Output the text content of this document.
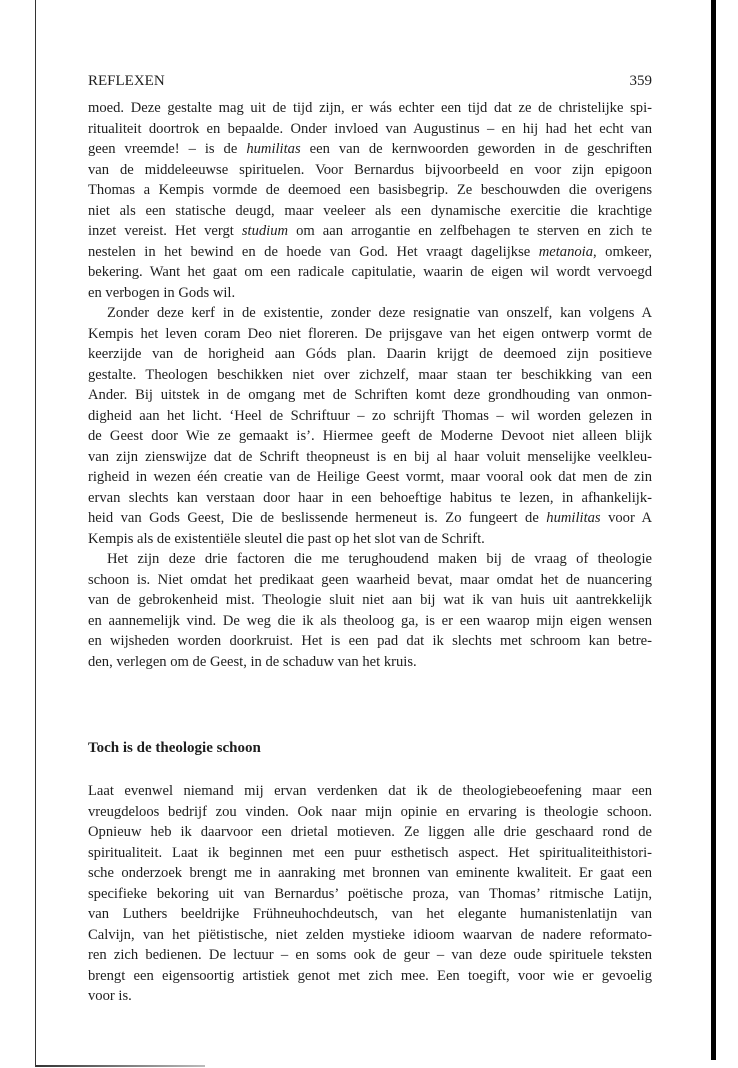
REFLEXEN	359
moed. Deze gestalte mag uit de tijd zijn, er wás echter een tijd dat ze de christelijke spi-
ritualiteit doortrok en bepaalde. Onder invloed van Augustinus – en hij had het echt van
geen vreemde! – is de humilitas een van de kernwoorden geworden in de geschriften
van de middeleeuwse spirituelen. Voor Bernardus bijvoorbeeld en voor zijn epigoon
Thomas a Kempis vormde de deemoed een basisbegrip. Ze beschouwden die overigens
niet als een statische deugd, maar veeleer als een dynamische exercitie die krachtige
inzet vereist. Het vergt studium om aan arrogantie en zelfbehagen te sterven en zich te
nestelen in het bewind en de hoede van God. Het vraagt dagelijkse metanoia, omkeer,
bekering. Want het gaat om een radicale capitulatie, waarin de eigen wil wordt vervoegd
en verbogen in Gods wil.
Zonder deze kerf in de existentie, zonder deze resignatie van onszelf, kan volgens A
Kempis het leven coram Deo niet floreren. De prijsgave van het eigen ontwerp vormt de
keerzijde van de horigheid aan Góds plan. Daarin krijgt de deemoed zijn positieve
gestalte. Theologen beschikken niet over zichzelf, maar staan ter beschikking van een
Ander. Bij uitstek in de omgang met de Schriften komt deze grondhouding van onmon-
digheid aan het licht. ‘Heel de Schriftuur – zo schrijft Thomas – wil worden gelezen in
de Geest door Wie ze gemaakt is’. Hiermee geeft de Moderne Devoot niet alleen blijk
van zijn zienswijze dat de Schrift theopneust is en bij al haar voluit menselijke veelkleu-
righeid in wezen één creatie van de Heilige Geest vormt, maar vooral ook dat men de zin
ervan slechts kan verstaan door haar in een behoeftige habitus te lezen, in afhankelijk-
heid van Gods Geest, Die de beslissende hermeneut is. Zo fungeert de humilitas voor A
Kempis als de existentiële sleutel die past op het slot van de Schrift.
Het zijn deze drie factoren die me terughoudend maken bij de vraag of theologie
schoon is. Niet omdat het predikaat geen waarheid bevat, maar omdat het de nuancering
van de gebrokenheid mist. Theologie sluit niet aan bij wat ik van huis uit aantrekkelijk
en aannemelijk vind. De weg die ik als theoloog ga, is er een waarop mijn eigen wensen
en wijsheden worden doorkruist. Het is een pad dat ik slechts met schroom kan betre-
den, verlegen om de Geest, in de schaduw van het kruis.
Toch is de theologie schoon
Laat evenwel niemand mij ervan verdenken dat ik de theologiebeoefening maar een
vreugdeloos bedrijf zou vinden. Ook naar mijn opinie en ervaring is theologie schoon.
Opnieuw heb ik daarvoor een drietal motieven. Ze liggen alle drie geschaard rond de
spiritualiteit. Laat ik beginnen met een puur esthetisch aspect. Het spiritualiteithistori-
sche onderzoek brengt me in aanraking met bronnen van eminente kwaliteit. Er gaat een
specifieke bekoring uit van Bernardus’ poëtische proza, van Thomas’ ritmische Latijn,
van Luthers beeldrijke Frühneuhochdeutsch, van het elegante humanistenlatijn van
Calvijn, van het piëtistische, niet zelden mystieke idioom waarvan de nadere reformato-
ren zich bedienen. De lectuur – en soms ook de geur – van deze oude spirituele teksten
brengt een eigensoortig artistiek genot met zich mee. Een toegift, voor wie er gevoelig
voor is.
